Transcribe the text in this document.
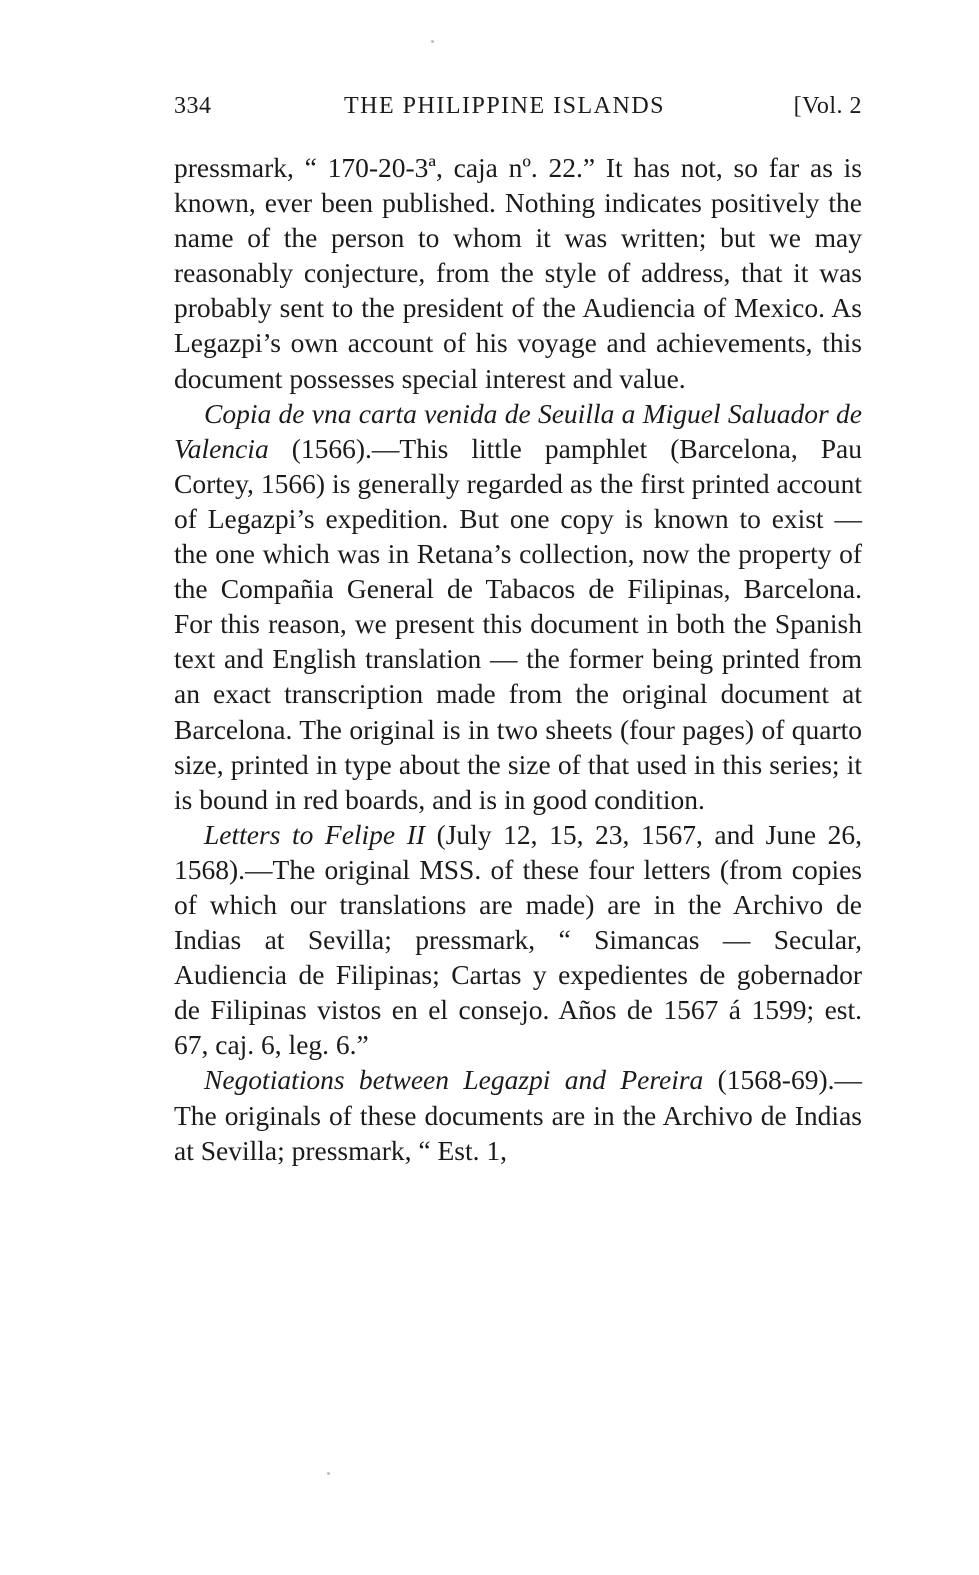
334	THE PHILIPPINE ISLANDS	[Vol. 2

pressmark, “ 170-20-3ª, caja nº. 22.” It has not, so far as is known, ever been published. Nothing indicates positively the name of the person to whom it was written; but we may reasonably conjecture, from the style of address, that it was probably sent to the president of the Audiencia of Mexico. As Legazpi’s own account of his voyage and achievements, this document possesses special interest and value.

Copia de vna carta venida de Seuilla a Miguel Saluador de Valencia (1566).—This little pamphlet (Barcelona, Pau Cortey, 1566) is generally regarded as the first printed account of Legazpi’s expedition. But one copy is known to exist — the one which was in Retana’s collection, now the property of the Compañia General de Tabacos de Filipinas, Barcelona. For this reason, we present this document in both the Spanish text and English translation — the former being printed from an exact transcription made from the original document at Barcelona. The original is in two sheets (four pages) of quarto size, printed in type about the size of that used in this series; it is bound in red boards, and is in good condition.

Letters to Felipe II (July 12, 15, 23, 1567, and June 26, 1568).—The original MSS. of these four letters (from copies of which our translations are made) are in the Archivo de Indias at Sevilla; pressmark, “ Simancas — Secular, Audiencia de Filipinas; Cartas y expedientes de gobernador de Filipinas vistos en el consejo. Años de 1567 á 1599; est. 67, caj. 6, leg. 6.”

Negotiations between Legazpi and Pereira (1568-69).—The originals of these documents are in the Archivo de Indias at Sevilla; pressmark, “ Est. 1,
